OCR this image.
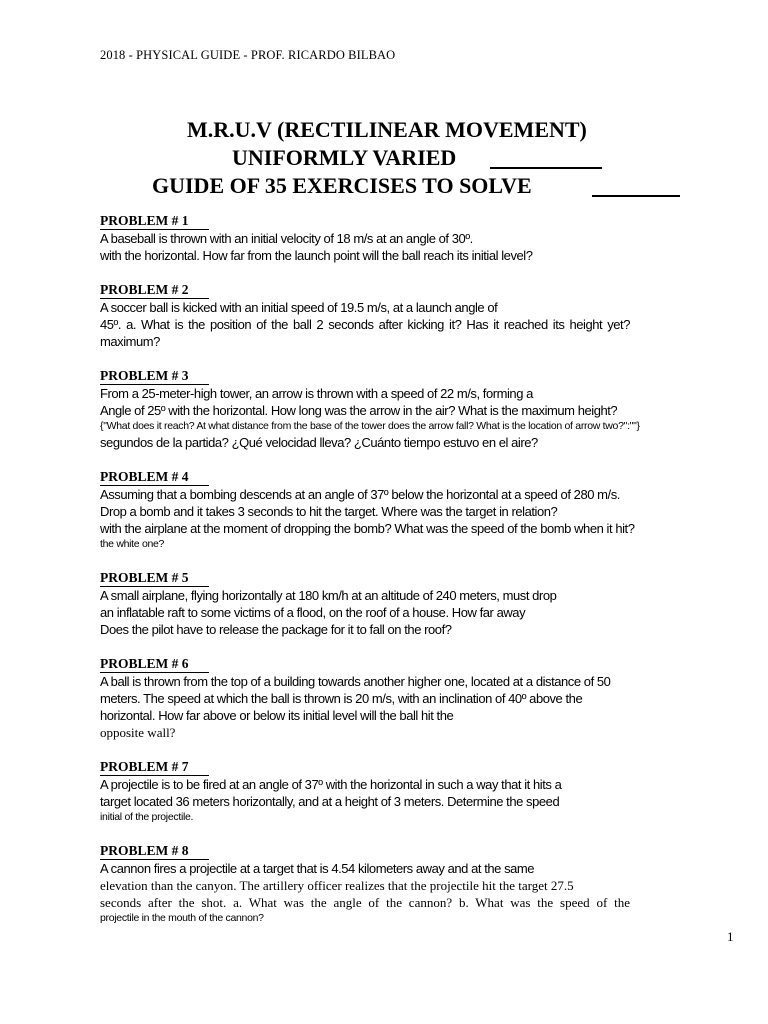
2018 - PHYSICAL GUIDE - PROF. RICARDO BILBAO
M.R.U.V (RECTILINEAR MOVEMENT)
UNIFORMLY VARIED
GUIDE OF 35 EXERCISES TO SOLVE
PROBLEM # 1
A baseball is thrown with an initial velocity of 18 m/s at an angle of 30º.
with the horizontal. How far from the launch point will the ball reach its initial level?
PROBLEM # 2
A soccer ball is kicked with an initial speed of 19.5 m/s, at a launch angle of
45º. a. What is the position of the ball 2 seconds after kicking it? Has it reached its height yet?
maximum?
PROBLEM # 3
From a 25-meter-high tower, an arrow is thrown with a speed of 22 m/s, forming a
Angle of 25º with the horizontal. How long was the arrow in the air? What is the maximum height?
{"What does it reach? At what distance from the base of the tower does the arrow fall? What is the location of arrow two?":""}
segundos de la partida? ¿Qué velocidad lleva? ¿Cuánto tiempo estuvo en el aire?
PROBLEM # 4
Assuming that a bombing descends at an angle of 37º below the horizontal at a speed of 280 m/s.
Drop a bomb and it takes 3 seconds to hit the target. Where was the target in relation?
with the airplane at the moment of dropping the bomb? What was the speed of the bomb when it hit?
the white one?
PROBLEM # 5
A small airplane, flying horizontally at 180 km/h at an altitude of 240 meters, must drop
an inflatable raft to some victims of a flood, on the roof of a house. How far away
Does the pilot have to release the package for it to fall on the roof?
PROBLEM # 6
A ball is thrown from the top of a building towards another higher one, located at a distance of 50
meters. The speed at which the ball is thrown is 20 m/s, with an inclination of 40º above the
horizontal. How far above or below its initial level will the ball hit the
opposite wall?
PROBLEM # 7
A projectile is to be fired at an angle of 37º with the horizontal in such a way that it hits a
target located 36 meters horizontally, and at a height of 3 meters. Determine the speed
initial of the projectile.
PROBLEM # 8
A cannon fires a projectile at a target that is 4.54 kilometers away and at the same
elevation than the canyon. The artillery officer realizes that the projectile hit the target 27.5
seconds after the shot. a. What was the angle of the cannon? b. What was the speed of the
projectile in the mouth of the cannon?
1
